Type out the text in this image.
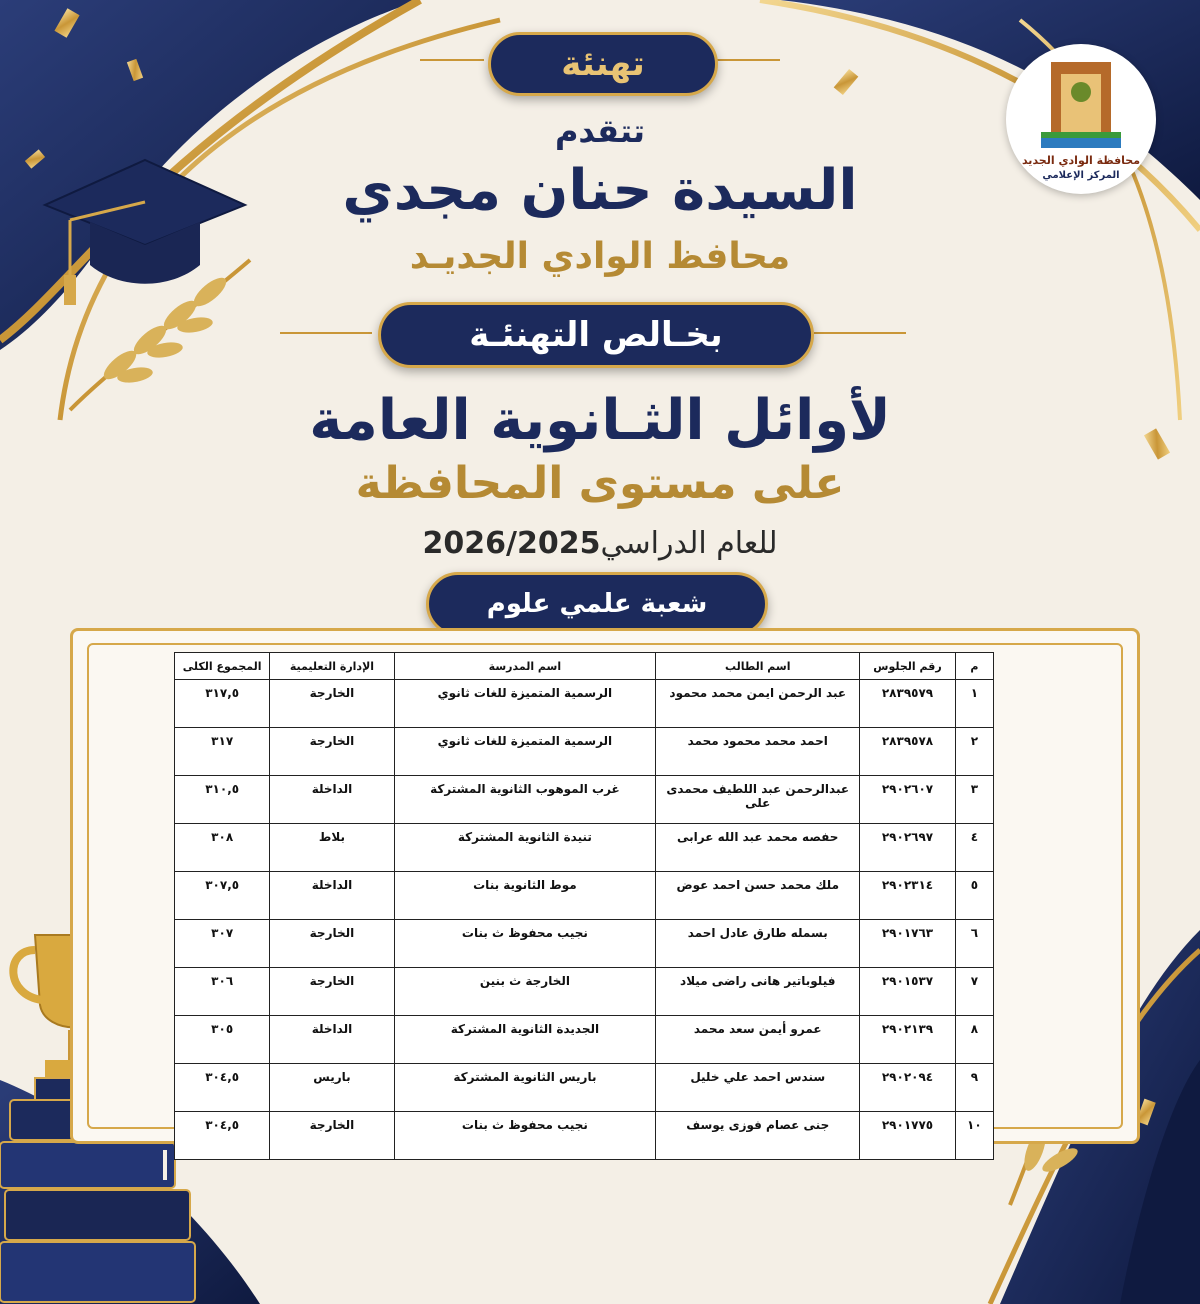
محافظة الوادي الجديد
المركز الإعلامي
تهنئة
تتقدم
السيدة حنان مجدي
محافظ الوادي الجديـد
بخـالص التهنئـة
لأوائل الثـانوية العامة
على مستوى المحافظة
للعام الدراسي2026/2025
شعبة علمي علوم
م	رقم الجلوس	اسم الطالب	اسم المدرسة	الإدارة التعليمية	المجموع الكلى
١	٢٨٣٩٥٧٩	عبد الرحمن ايمن محمد محمود	الرسمية المتميزة للغات ثانوي	الخارجة	٣١٧,٥
٢	٢٨٣٩٥٧٨	احمد محمد محمود محمد	الرسمية المتميزة للغات ثانوي	الخارجة	٣١٧
٣	٢٩٠٢٦٠٧	عبدالرحمن عبد اللطيف محمدى على	غرب الموهوب الثانوية المشتركة	الداخلة	٣١٠,٥
٤	٢٩٠٢٦٩٧	حفصه محمد عبد الله عرابى	تنيدة الثانوية المشتركة	بلاط	٣٠٨
٥	٢٩٠٢٣١٤	ملك محمد حسن احمد عوض	موط الثانوية بنات	الداخلة	٣٠٧,٥
٦	٢٩٠١٧٦٣	بسمله طارق عادل احمد	نجيب محفوظ ث بنات	الخارجة	٣٠٧
٧	٢٩٠١٥٣٧	فيلوباتير هانى راضى ميلاد	الخارجة ث بنين	الخارجة	٣٠٦
٨	٢٩٠٢١٣٩	عمرو أيمن سعد محمد	الجديدة الثانوية المشتركة	الداخلة	٣٠٥
٩	٢٩٠٢٠٩٤	سندس احمد علي خليل	باريس الثانوية المشتركة	باريس	٣٠٤,٥
١٠	٢٩٠١٧٧٥	جنى عصام فوزى يوسف	نجيب محفوظ ث بنات	الخارجة	٣٠٤,٥
